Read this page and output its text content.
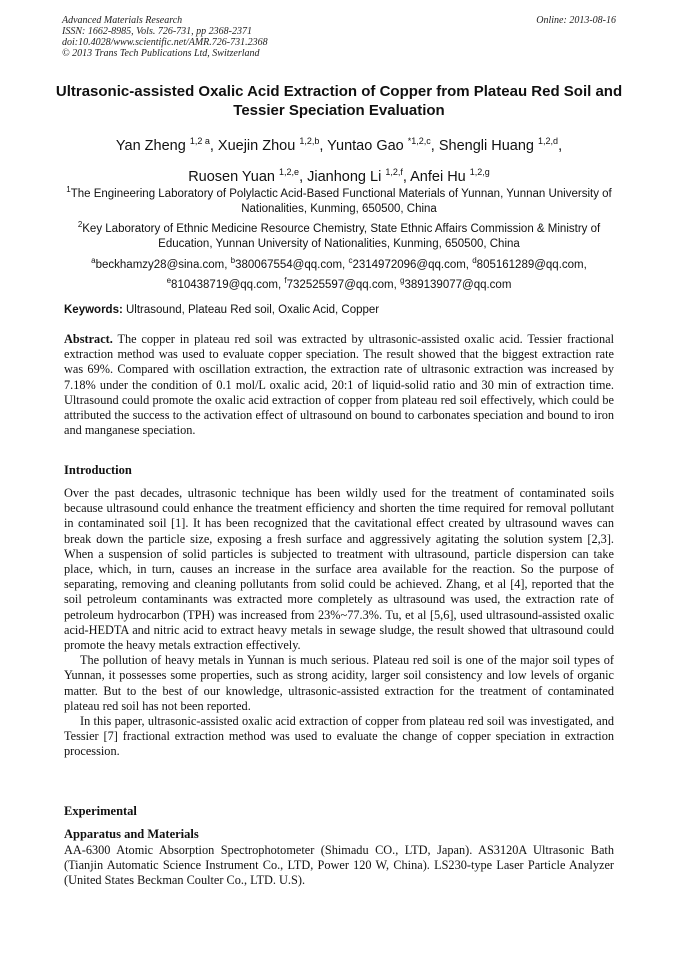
Advanced Materials Research
ISSN: 1662-8985, Vols. 726-731, pp 2368-2371
doi:10.4028/www.scientific.net/AMR.726-731.2368
© 2013 Trans Tech Publications Ltd, Switzerland
Online: 2013-08-16
Ultrasonic-assisted Oxalic Acid Extraction of Copper from Plateau Red Soil and Tessier Speciation Evaluation
Yan Zheng $^{1,2 a}$, Xuejin Zhou $^{1,2,b}$, Yuntao Gao $^{*1,2,c}$, Shengli Huang $^{1,2,d}$,
Ruosen Yuan $^{1,2,e}$, Jianhong Li $^{1,2,f}$, Anfei Hu $^{1,2,g}$
$^1$The Engineering Laboratory of Polylactic Acid-Based Functional Materials of Yunnan, Yunnan University of Nationalities, Kunming, 650500, China
$^2$Key Laboratory of Ethnic Medicine Resource Chemistry, State Ethnic Affairs Commission & Ministry of Education, Yunnan University of Nationalities, Kunming, 650500, China
$^a$beckhamzy28@sina.com, $^b$380067554@qq.com, $^c$2314972096@qq.com, $^d$805161289@qq.com,
$^e$810438719@qq.com, $^f$732525597@qq.com, $^g$389139077@qq.com
Keywords: Ultrasound, Plateau Red soil, Oxalic Acid, Copper

Abstract. The copper in plateau red soil was extracted by ultrasonic-assisted oxalic acid. Tessier fractional extraction method was used to evaluate copper speciation. The result showed that the biggest extraction rate was 69%. Compared with oscillation extraction, the extraction rate of ultrasonic extraction was increased by 7.18% under the condition of 0.1 mol/L oxalic acid, 20:1 of liquid-solid ratio and 30 min of extraction time. Ultrasound could promote the oxalic acid extraction of copper from plateau red soil effectively, which could be attributed the success to the activation effect of ultrasound on bound to carbonates speciation and bound to iron and manganese speciation.

Introduction

Over the past decades, ultrasonic technique has been wildly used for the treatment of contaminated soils because ultrasound could enhance the treatment efficiency and shorten the time required for removal pollutant in contaminated soil [1]. It has been recognized that the cavitational effect created by ultrasound waves can break down the particle size, exposing a fresh surface and aggressively agitating the solution system [2,3]. When a suspension of solid particles is subjected to treatment with ultrasound, particle dispersion can take place, which, in turn, causes an increase in the surface area available for the reaction. So the purpose of separating, removing and cleaning pollutants from solid could be achieved. Zhang, et al [4], reported that the soil petroleum contaminants was extracted more completely as ultrasound was used, the extraction rate of petroleum hydrocarbon (TPH) was increased from 23%~77.3%. Tu, et al [5,6], used ultrasound-assisted oxalic acid-HEDTA and nitric acid to extract heavy metals in sewage sludge, the result showed that ultrasound could promote the heavy metals extraction effectively.

The pollution of heavy metals in Yunnan is much serious. Plateau red soil is one of the major soil types of Yunnan, it possesses some properties, such as strong acidity, larger soil consistency and low levels of organic matter. But to the best of our knowledge, ultrasonic-assisted extraction for the treatment of contaminated plateau red soil has not been reported.

In this paper, ultrasonic-assisted oxalic acid extraction of copper from plateau red soil was investigated, and Tessier [7] fractional extraction method was used to evaluate the change of copper speciation in extraction procession.

Experimental
Apparatus and Materials
AA-6300 Atomic Absorption Spectrophotometer (Shimadu CO., LTD, Japan). AS3120A Ultrasonic Bath (Tianjin Automatic Science Instrument Co., LTD, Power 120 W, China). LS230-type Laser Particle Analyzer (United States Beckman Coulter Co., LTD. U.S).
